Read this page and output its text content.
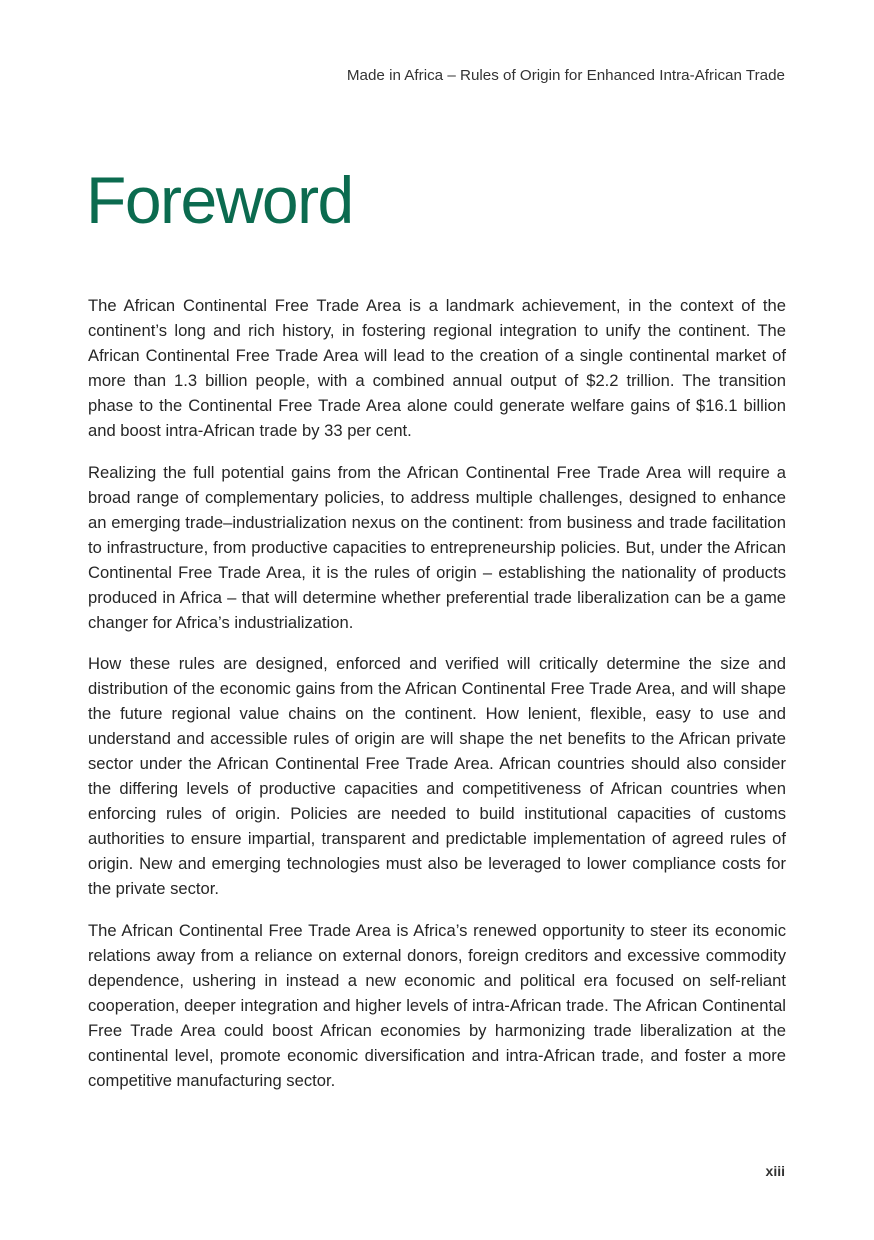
Made in Africa – Rules of Origin for Enhanced Intra-African Trade
Foreword

The African Continental Free Trade Area is a landmark achievement, in the context of the continent’s long and rich history, in fostering regional integration to unify the continent. The African Continental Free Trade Area will lead to the creation of a single continental market of more than 1.3 billion people, with a combined annual output of $2.2 trillion. The transition phase to the Continental Free Trade Area alone could generate welfare gains of $16.1 billion and boost intra-African trade by 33 per cent.

Realizing the full potential gains from the African Continental Free Trade Area will require a broad range of complementary policies, to address multiple challenges, designed to enhance an emerging trade–industrialization nexus on the continent: from business and trade facilitation to infrastructure, from productive capacities to entrepreneurship policies. But, under the African Continental Free Trade Area, it is the rules of origin – establishing the nationality of products produced in Africa – that will determine whether preferential trade liberalization can be a game changer for Africa’s industrialization.

How these rules are designed, enforced and verified will critically determine the size and distribution of the economic gains from the African Continental Free Trade Area, and will shape the future regional value chains on the continent. How lenient, flexible, easy to use and understand and accessible rules of origin are will shape the net benefits to the African private sector under the African Continental Free Trade Area. African countries should also consider the differing levels of productive capacities and competitiveness of African countries when enforcing rules of origin. Policies are needed to build institutional capacities of customs authorities to ensure impartial, transparent and predictable implementation of agreed rules of origin. New and emerging technologies must also be leveraged to lower compliance costs for the private sector.

The African Continental Free Trade Area is Africa’s renewed opportunity to steer its economic relations away from a reliance on external donors, foreign creditors and excessive commodity dependence, ushering in instead a new economic and political era focused on self-reliant cooperation, deeper integration and higher levels of intra-African trade. The African Continental Free Trade Area could boost African economies by harmonizing trade liberalization at the continental level, promote economic diversification and intra-African trade, and foster a more competitive manufacturing sector.

xiii
